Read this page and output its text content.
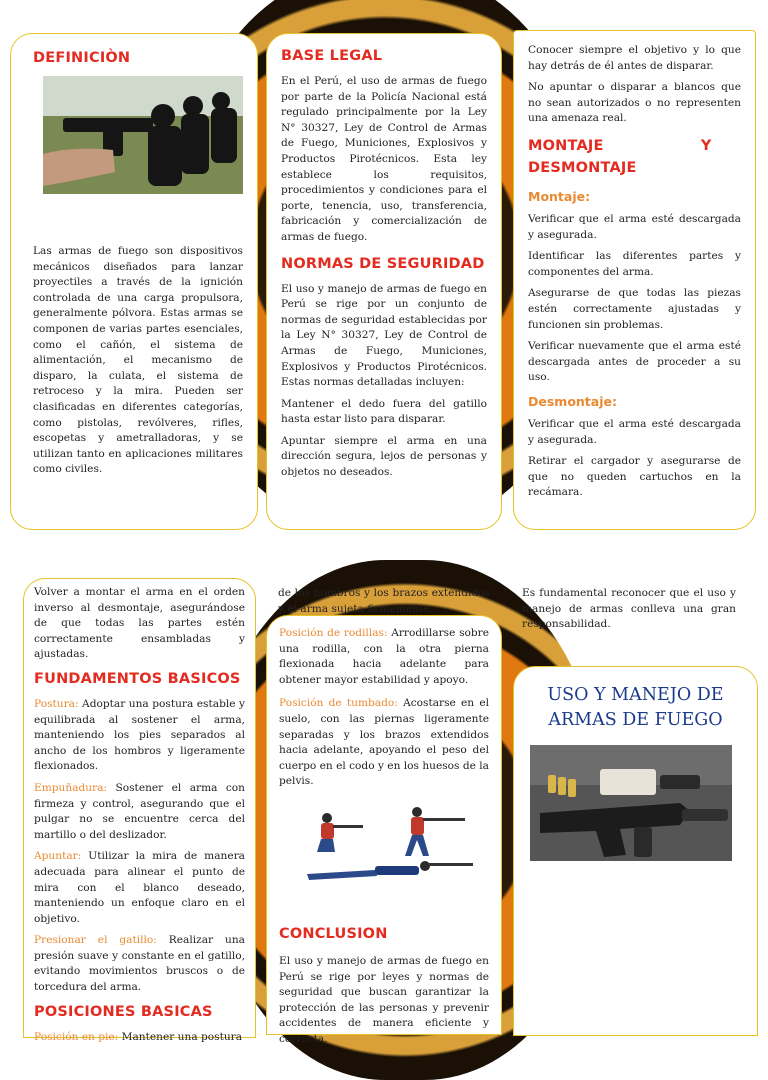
DEFINICIÒN

Las armas de fuego son dispositivos mecánicos diseñados para lanzar proyectiles a través de la ignición controlada de una carga propulsora, generalmente pólvora. Estas armas se componen de varias partes esenciales, como el cañón, el sistema de alimentación, el mecanismo de disparo, la culata, el sistema de retroceso y la mira. Pueden ser clasificadas en diferentes categorías, como pistolas, revólveres, rifles, escopetas y ametralladoras, y se utilizan tanto en aplicaciones militares como civiles.

BASE LEGAL

En el Perú, el uso de armas de fuego por parte de la Policía Nacional está regulado principalmente por la Ley N° 30327, Ley de Control de Armas de Fuego, Municiones, Explosivos y Productos Pirotécnicos. Esta ley establece los requisitos, procedimientos y condiciones para el porte, tenencia, uso, transferencia, fabricación y comercialización de armas de fuego.

NORMAS DE SEGURIDAD

El uso y manejo de armas de fuego en Perú se rige por un conjunto de normas de seguridad establecidas por la Ley N° 30327, Ley de Control de Armas de Fuego, Municiones, Explosivos y Productos Pirotécnicos. Estas normas detalladas incluyen:

Mantener el dedo fuera del gatillo hasta estar listo para disparar.

Apuntar siempre el arma en una dirección segura, lejos de personas y objetos no deseados.

Conocer siempre el objetivo y lo que hay detrás de él antes de disparar.

No apuntar o disparar a blancos que no sean autorizados o no representen una amenaza real.

MONTAJE Y DESMONTAJE
Montaje:

Verificar que el arma esté descargada y asegurada.

Identificar las diferentes partes y componentes del arma.

Asegurarse de que todas las piezas estén correctamente ajustadas y funcionen sin problemas.

Verificar nuevamente que el arma esté descargada antes de proceder a su uso.

Desmontaje:

Verificar que el arma esté descargada y asegurada.

Retirar el cargador y asegurarse de que no queden cartuchos en la recámara.

de los hombros y los brazos extendidos y el arma sujeta firmemente.
Es fundamental reconocer que el uso y manejo de armas conlleva una gran responsabilidad.

Volver a montar el arma en el orden inverso al desmontaje, asegurándose de que todas las partes estén correctamente ensambladas y ajustadas.

FUNDAMENTOS BASICOS

Postura: Adoptar una postura estable y equilibrada al sostener el arma, manteniendo los pies separados al ancho de los hombros y ligeramente flexionados.

Empuñadura: Sostener el arma con firmeza y control, asegurando que el pulgar no se encuentre cerca del martillo o del deslizador.

Apuntar: Utilizar la mira de manera adecuada para alinear el punto de mira con el blanco deseado, manteniendo un enfoque claro en el objetivo.

Presionar el gatillo: Realizar una presión suave y constante en el gatillo, evitando movimientos bruscos o de torcedura del arma.

POSICIONES BASICAS

Posición en pie: Mantener una postura

Posición de rodillas: Arrodillarse sobre una rodilla, con la otra pierna flexionada hacia adelante para obtener mayor estabilidad y apoyo.

Posición de tumbado: Acostarse en el suelo, con las piernas ligeramente separadas y los brazos extendidos hacia adelante, apoyando el peso del cuerpo en el codo y en los huesos de la pelvis.

CONCLUSION

El uso y manejo de armas de fuego en Perú se rige por leyes y normas de seguridad que buscan garantizar la protección de las personas y prevenir accidentes de manera eficiente y correcta.

USO Y MANEJO DE ARMAS DE FUEGO
